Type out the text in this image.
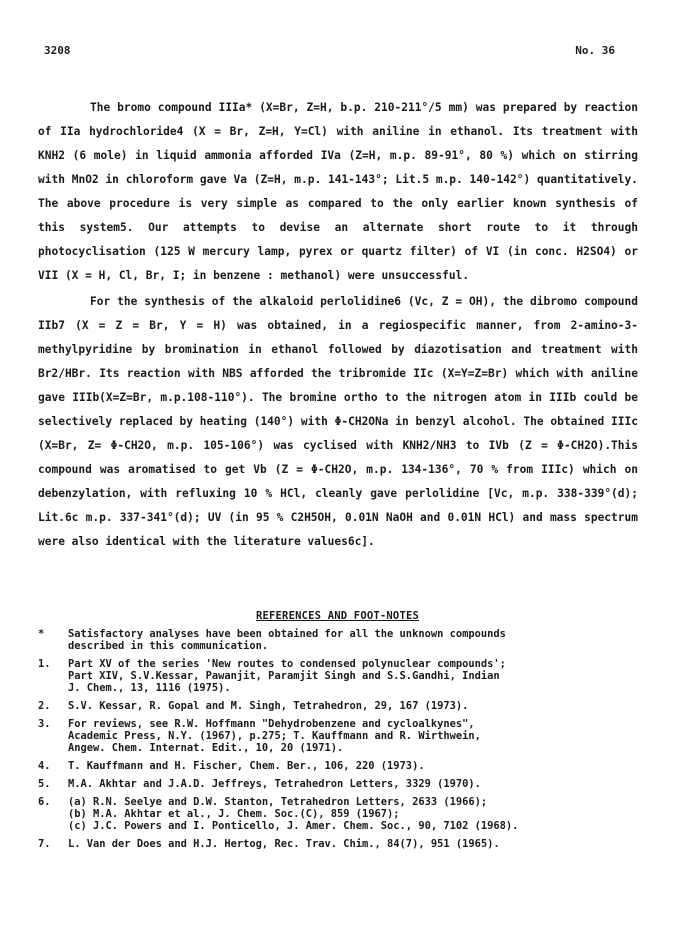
3208	No. 36

The bromo compound IIIa* (X=Br, Z=H, b.p. 210-211°/5 mm) was prepared by reaction of IIa hydrochloride4 (X = Br, Z=H, Y=Cl) with aniline in ethanol. Its treatment with KNH2 (6 mole) in liquid ammonia afforded IVa (Z=H, m.p. 89-91°, 80 %) which on stirring with MnO2 in chloroform gave Va (Z=H, m.p. 141-143°; Lit.5 m.p. 140-142°) quantitatively. The above procedure is very simple as compared to the only earlier known synthesis of this system5. Our attempts to devise an alternate short route to it through photocyclisation (125 W mercury lamp, pyrex or quartz filter) of VI (in conc. H2SO4) or VII (X = H, Cl, Br, I; in benzene : methanol) were unsuccessful.

For the synthesis of the alkaloid perlolidine6 (Vc, Z = OH), the dibromo compound IIb7 (X = Z = Br, Y = H) was obtained, in a regiospecific manner, from 2-amino-3-methylpyridine by bromination in ethanol followed by diazotisation and treatment with Br2/HBr. Its reaction with NBS afforded the tribromide IIc (X=Y=Z=Br) which with aniline gave IIIb(X=Z=Br, m.p.108-110°). The bromine ortho to the nitrogen atom in IIIb could be selectively replaced by heating (140°) with Φ-CH2ONa in benzyl alcohol. The obtained IIIc (X=Br, Z= Φ-CH2O, m.p. 105-106°) was cyclised with KNH2/NH3 to IVb (Z = Φ-CH2O).This compound was aromatised to get Vb (Z = Φ-CH2O, m.p. 134-136°, 70 % from IIIc) which on debenzylation, with refluxing 10 % HCl, cleanly gave perlolidine [Vc, m.p. 338-339°(d); Lit.6c m.p. 337-341°(d); UV (in 95 % C2H5OH, 0.01N NaOH and 0.01N HCl) and mass spectrum were also identical with the literature values6c].

REFERENCES AND FOOT-NOTES
*	Satisfactory analyses have been obtained for all the unknown compounds
described in this communication.
1.	Part XV of the series 'New routes to condensed polynuclear compounds';
Part XIV, S.V.Kessar, Pawanjit, Paramjit Singh and S.S.Gandhi, Indian
J. Chem., 13, 1116 (1975).
2.	S.V. Kessar, R. Gopal and M. Singh, Tetrahedron, 29, 167 (1973).
3.	For reviews, see R.W. Hoffmann "Dehydrobenzene and cycloalkynes",
Academic Press, N.Y. (1967), p.275; T. Kauffmann and R. Wirthwein,
Angew. Chem. Internat. Edit., 10, 20 (1971).
4.	T. Kauffmann and H. Fischer, Chem. Ber., 106, 220 (1973).
5.	M.A. Akhtar and J.A.D. Jeffreys, Tetrahedron Letters, 3329 (1970).
6.	(a) R.N. Seelye and D.W. Stanton, Tetrahedron Letters, 2633 (1966);
(b) M.A. Akhtar et al., J. Chem. Soc.(C), 859 (1967);
(c) J.C. Powers and I. Ponticello, J. Amer. Chem. Soc., 90, 7102 (1968).
7.	L. Van der Does and H.J. Hertog, Rec. Trav. Chim., 84(7), 951 (1965).
